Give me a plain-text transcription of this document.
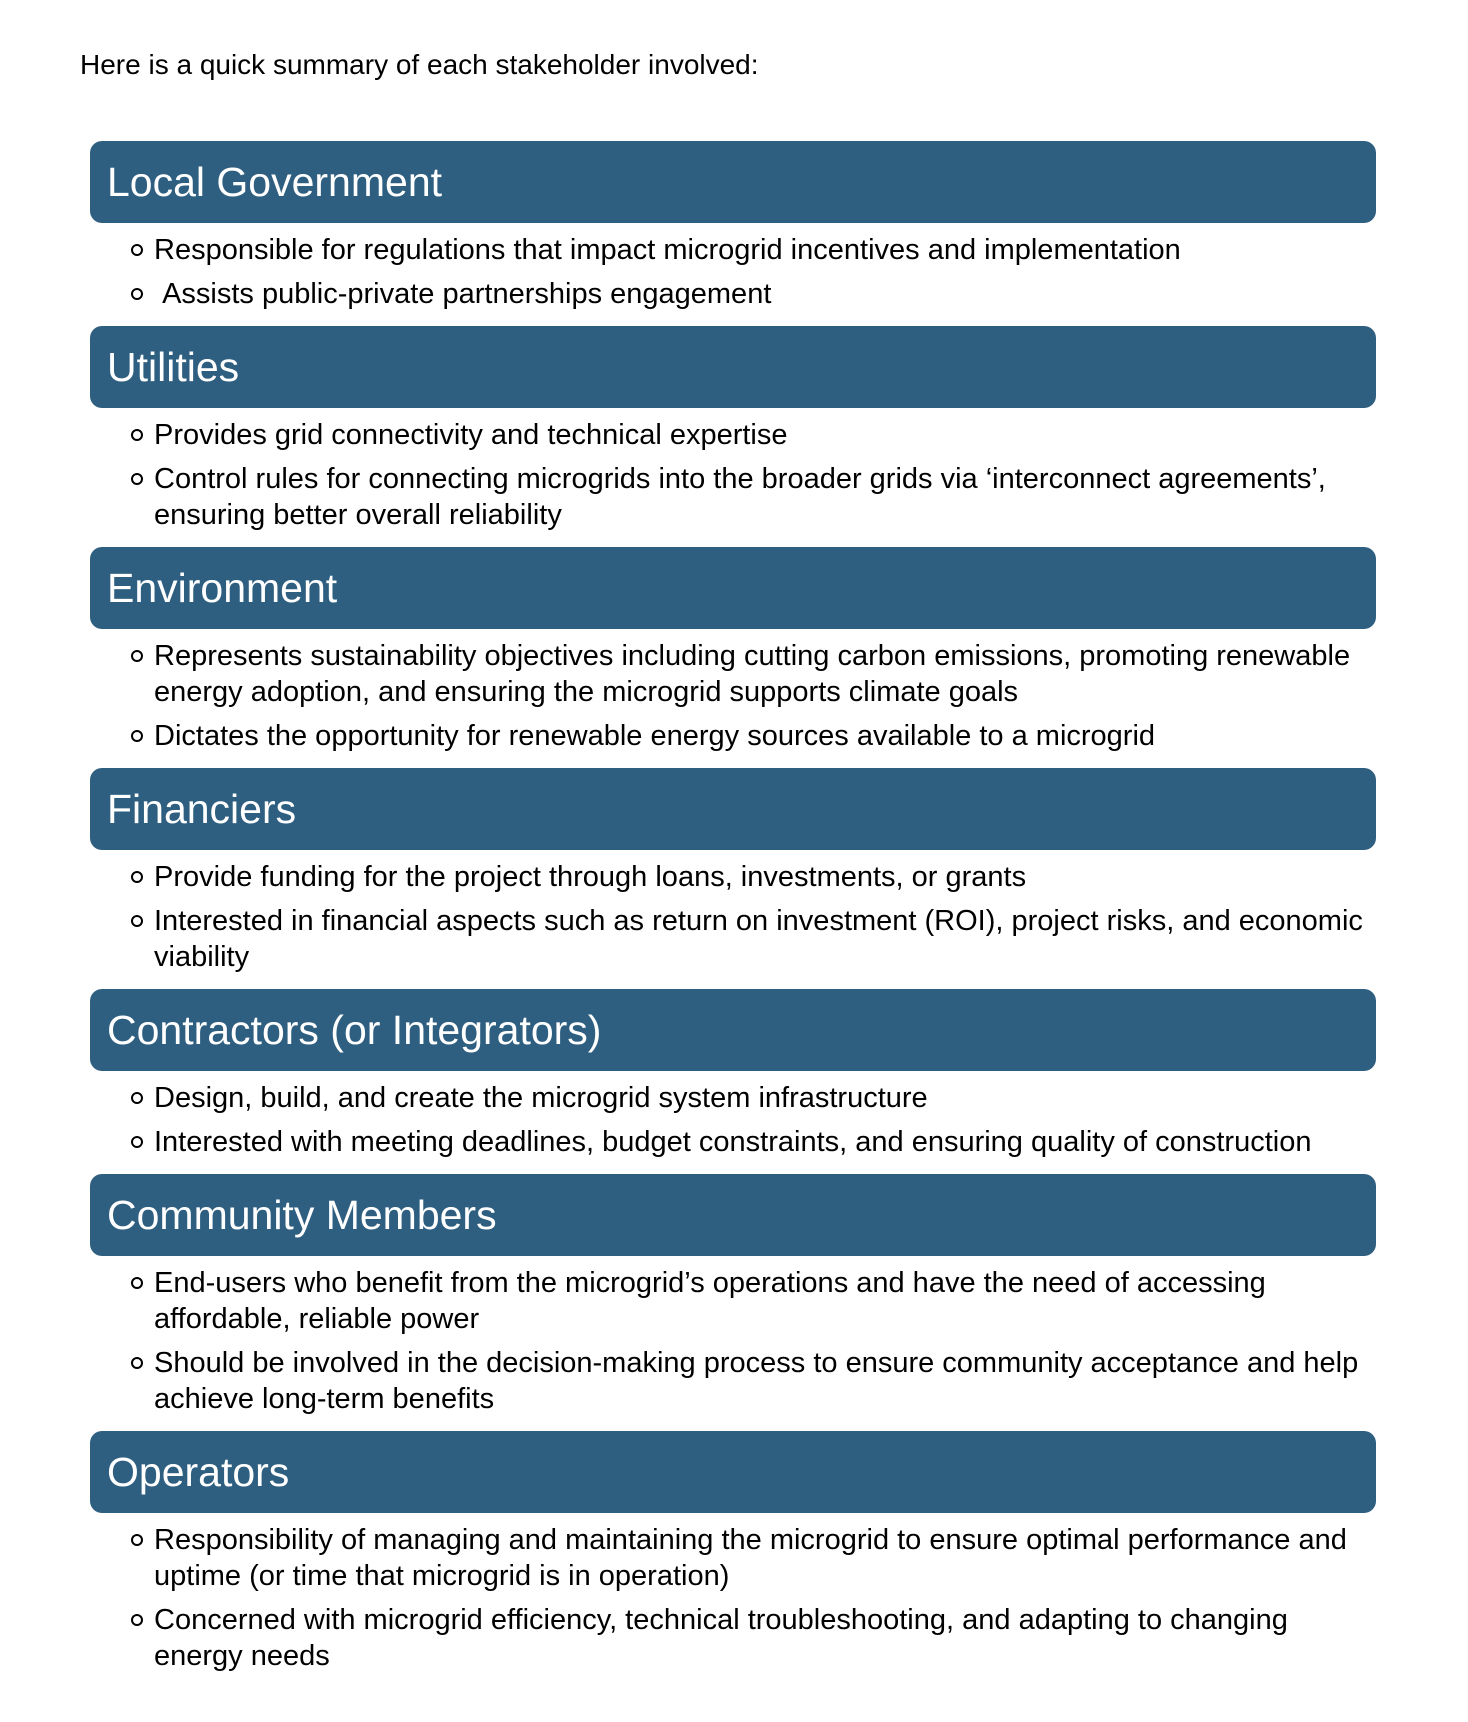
Here is a quick summary of each stakeholder involved:

Local Government
Responsible for regulations that impact microgrid incentives and implementation
Assists public-private partnerships engagement
Utilities
Provides grid connectivity and technical expertise
Control rules for connecting microgrids into the broader grids via ‘interconnect agreements’, ensuring better overall reliability
Environment
Represents sustainability objectives including cutting carbon emissions, promoting renewable energy adoption, and ensuring the microgrid supports climate goals
Dictates the opportunity for renewable energy sources available to a microgrid
Financiers
Provide funding for the project through loans, investments, or grants
Interested in financial aspects such as return on investment (ROI), project risks, and economic viability
Contractors (or Integrators)
Design, build, and create the microgrid system infrastructure
Interested with meeting deadlines, budget constraints, and ensuring quality of construction
Community Members
End-users who benefit from the microgrid’s operations and have the need of accessing affordable, reliable power
Should be involved in the decision-making process to ensure community acceptance and help achieve long-term benefits
Operators
Responsibility of managing and maintaining the microgrid to ensure optimal performance and uptime (or time that microgrid is in operation)
Concerned with microgrid efficiency, technical troubleshooting, and adapting to changing energy needs
